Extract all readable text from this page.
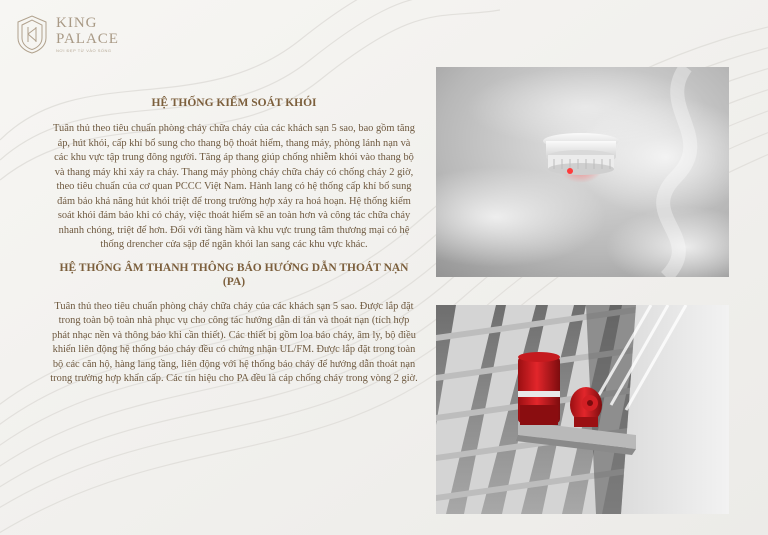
KING
PALACE
NƠI ĐẸP TỪ VÀO SỐNG
HỆ THỐNG KIỂM SOÁT KHÓI

Tuân thủ theo tiêu chuẩn phòng cháy chữa cháy của các khách sạn 5 sao, bao gồm tăng áp, hút khói, cấp khí bổ sung cho thang bộ thoát hiểm, thang máy, phòng lánh nạn và các khu vực tập trung đông người. Tăng áp thang giúp chống nhiễm khói vào thang bộ và thang máy khi xảy ra cháy. Thang máy phòng cháy chữa cháy có chống cháy 2 giờ, theo tiêu chuẩn của cơ quan PCCC Việt Nam. Hành lang có hệ thống cấp khí bổ sung đảm bảo khả năng hút khói triệt để trong trường hợp xảy ra hoả hoạn. Hệ thống kiểm soát khói đảm bảo khi có cháy, việc thoát hiểm sẽ an toàn hơn và công tác chữa cháy nhanh chóng, triệt để hơn. Đối với tầng hầm và khu vực trung tâm thương mại có hệ thống drencher cửa sập để ngăn khói lan sang các khu vực khác.

HỆ THỐNG ÂM THANH THÔNG BÁO HƯỚNG DẪN THOÁT NẠN (PA)

Tuân thủ theo tiêu chuẩn phòng cháy chữa cháy của các khách sạn 5 sao. Được lắp đặt trong toàn bộ toàn nhà phục vụ cho công tác hướng dẫn di tản và thoát nạn (tích hợp phát nhạc nền và thông báo khi cần thiết). Các thiết bị gồm loa báo cháy, âm ly, bộ điều khiển liên động hệ thống báo cháy đều có chứng nhận UL/FM. Được lắp đặt trong toàn bộ các căn hộ, hàng lang tầng, liên động với hệ thống báo cháy để hướng dẫn thoát nạn trong trường hợp khẩn cấp. Các tín hiệu cho PA đều là cáp chống cháy trong vòng 2 giờ.
